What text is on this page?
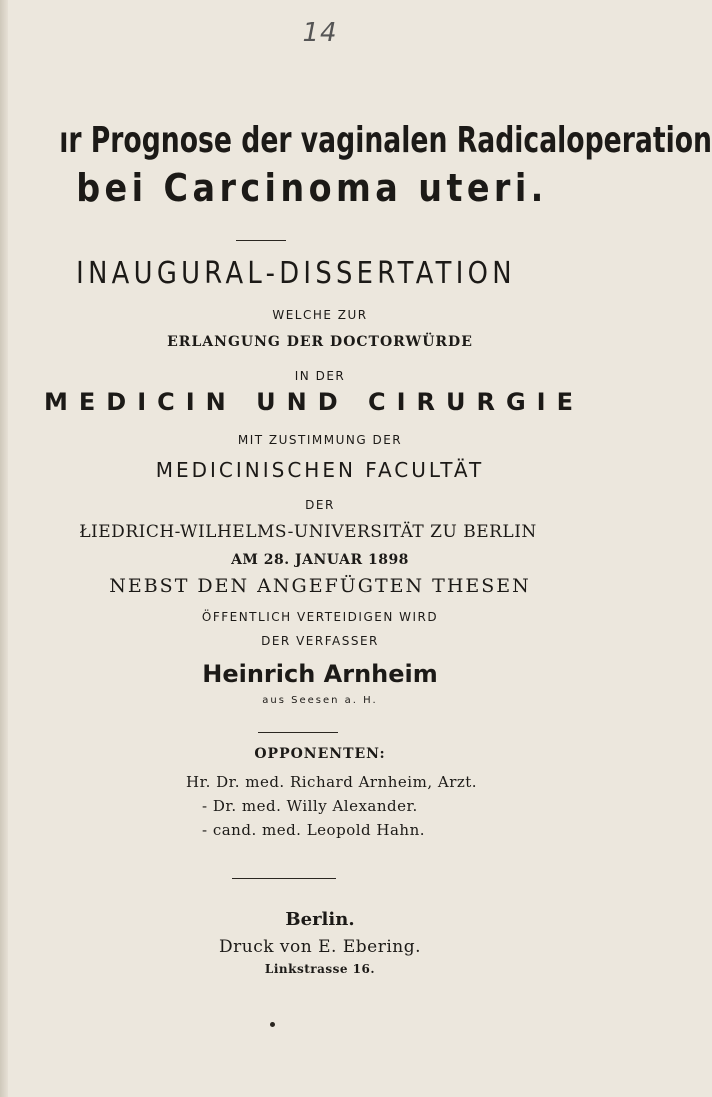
14
ır Prognose der vaginalen Radicaloperation
bei Carcinoma uteri.
INAUGURAL-DISSERTATION
WELCHE ZUR
ERLANGUNG DER DOCTORWÜRDE
IN DER
MEDICIN UND CIRURGIE
MIT ZUSTIMMUNG DER
MEDICINISCHEN FACULTÄT
DER
ŁIEDRICH-WILHELMS-UNIVERSITÄT ZU BERLIN
AM 28. JANUAR 1898
NEBST DEN ANGEFÜGTEN THESEN
ÖFFENTLICH VERTEIDIGEN WIRD
DER VERFASSER
Heinrich Arnheim
aus Seesen a. H.
OPPONENTEN:
Hr. Dr. med. Richard Arnheim, Arzt.
- Dr. med. Willy Alexander.
- cand. med. Leopold Hahn.
Berlin.
Druck von E. Ebering.
Linkstrasse 16.
